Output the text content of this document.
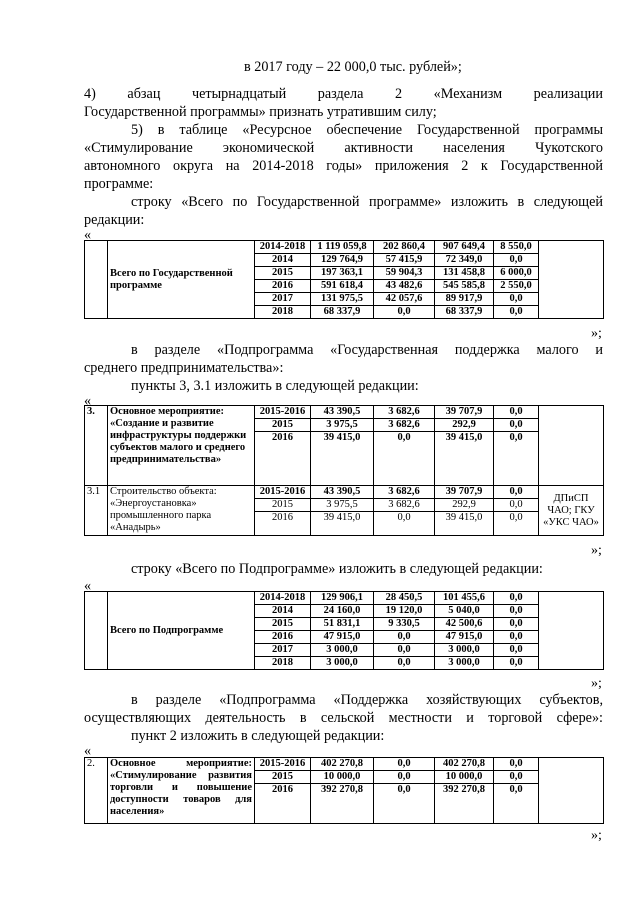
в 2017 году – 22 000,0 тыс. рублей»;
4) абзац четырнадцатый раздела 2 «Механизм реализации
Государственной программы» признать утратившим силу;
5) в таблице «Ресурсное обеспечение Государственной программы
«Стимулирование экономической активности населения Чукотского
автономного округа на 2014-2018 годы» приложения 2 к Государственной
программе:
строку «Всего по Государственной программе» изложить в следующей
редакции:
«
	Всего по Государственной программе	2014-2018	1 119 059,8	202 860,4	907 649,4	8 550,0	
		2014	129 764,9	57 415,9	72 349,0	0,0	
		2015	197 363,1	59 904,3	131 458,8	6 000,0	
		2016	591 618,4	43 482,6	545 585,8	2 550,0	
		2017	131 975,5	42 057,6	89 917,9	0,0	
		2018	68 337,9	0,0	68 337,9	0,0	
»;
в разделе «Подпрограмма «Государственная поддержка малого и
среднего предпринимательства»:
пункты 3, 3.1 изложить в следующей редакции:
«
3.	Основное мероприятие: «Создание и развитие инфраструктуры поддержки субъектов малого и среднего предпринимательства»	2015-2016	43 390,5	3 682,6	39 707,9	0,0	
		2015	3 975,5	3 682,6	292,9	0,0	
		2016	39 415,0	0,0	39 415,0	0,0	
3.1	Строительство объекта: «Энергоустановка» промышленного парка «Анадырь»	2015-2016	43 390,5	3 682,6	39 707,9	0,0	ДПиСП ЧАО; ГКУ «УКС ЧАО»
		2015	3 975,5	3 682,6	292,9	0,0	
		2016	39 415,0	0,0	39 415,0	0,0	
»;
строку «Всего по Подпрограмме» изложить в следующей редакции:
«
	Всего по Подпрограмме	2014-2018	129 906,1	28 450,5	101 455,6	0,0	
		2014	24 160,0	19 120,0	5 040,0	0,0	
		2015	51 831,1	9 330,5	42 500,6	0,0	
		2016	47 915,0	0,0	47 915,0	0,0	
		2017	3 000,0	0,0	3 000,0	0,0	
		2018	3 000,0	0,0	3 000,0	0,0	
»;
в разделе «Подпрограмма «Поддержка хозяйствующих субъектов,
осуществляющих деятельность в сельской местности и торговой сфере»:
пункт 2 изложить в следующей редакции:
«
2.	Основное мероприятие: «Стимулирование развития торговли и повышение доступности товаров для населения»	2015-2016	402 270,8	0,0	402 270,8	0,0	
		2015	10 000,0	0,0	10 000,0	0,0	
		2016	392 270,8	0,0	392 270,8	0,0	
»;
